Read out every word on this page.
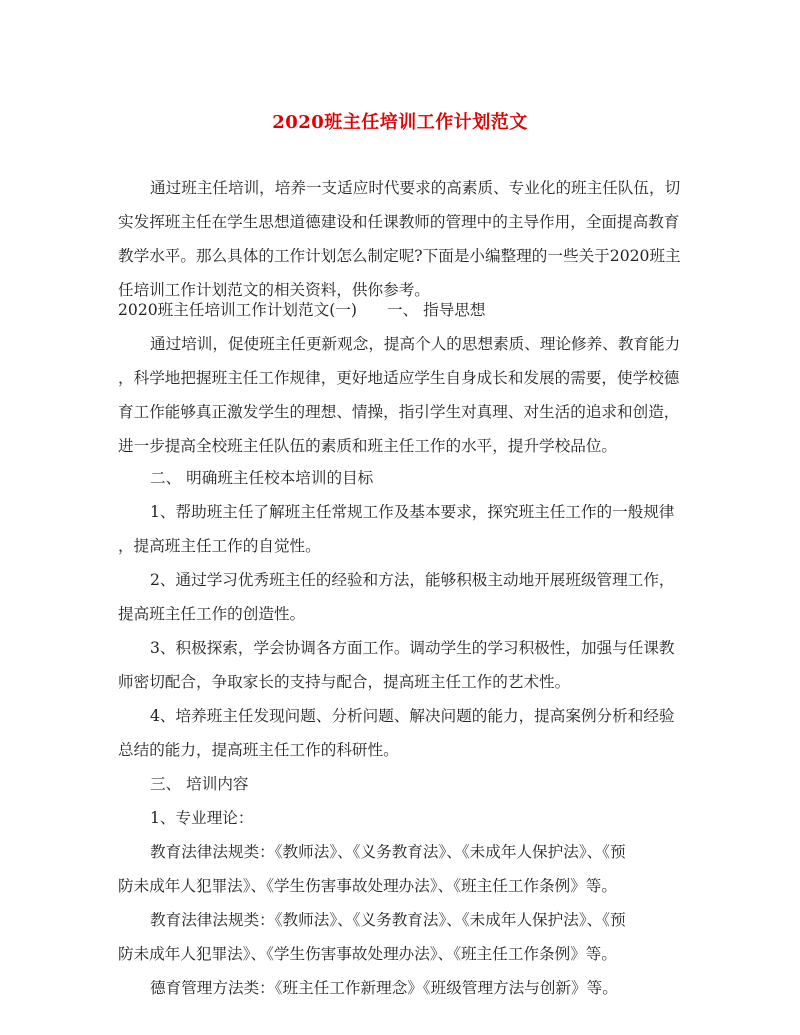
2020班主任培训工作计划范文
通过班主任培训，培养一支适应时代要求的高素质、专业化的班主任队伍，切
实发挥班主任在学生思想道德建设和任课教师的管理中的主导作用，全面提高教育
教学水平。那么具体的工作计划怎么制定呢?下面是小编整理的一些关于2020班主
任培训工作计划范文的相关资料，供你参考。
2020班主任培训工作计划范文(一) 一、 指导思想
通过培训，促使班主任更新观念，提高个人的思想素质、理论修养、教育能力
，科学地把握班主任工作规律，更好地适应学生自身成长和发展的需要，使学校德
育工作能够真正激发学生的理想、情操，指引学生对真理、对生活的追求和创造，
进一步提高全校班主任队伍的素质和班主任工作的水平，提升学校品位。
二、 明确班主任校本培训的目标
1、帮助班主任了解班主任常规工作及基本要求，探究班主任工作的一般规律
，提高班主任工作的自觉性。
2、通过学习优秀班主任的经验和方法，能够积极主动地开展班级管理工作，
提高班主任工作的创造性。
3、积极探索，学会协调各方面工作。调动学生的学习积极性，加强与任课教
师密切配合，争取家长的支持与配合，提高班主任工作的艺术性。
4、培养班主任发现问题、分析问题、解决问题的能力，提高案例分析和经验
总结的能力，提高班主任工作的科研性。
三、 培训内容
1、专业理论：
教育法律法规类：《教师法》、《义务教育法》、《未成年人保护法》、《预
防未成年人犯罪法》、《学生伤害事故处理办法》、《班主任工作条例》等。
教育法律法规类：《教师法》、《义务教育法》、《未成年人保护法》、《预
防未成年人犯罪法》、《学生伤害事故处理办法》、《班主任工作条例》等。
德育管理方法类：《班主任工作新理念》《班级管理方法与创新》等。
